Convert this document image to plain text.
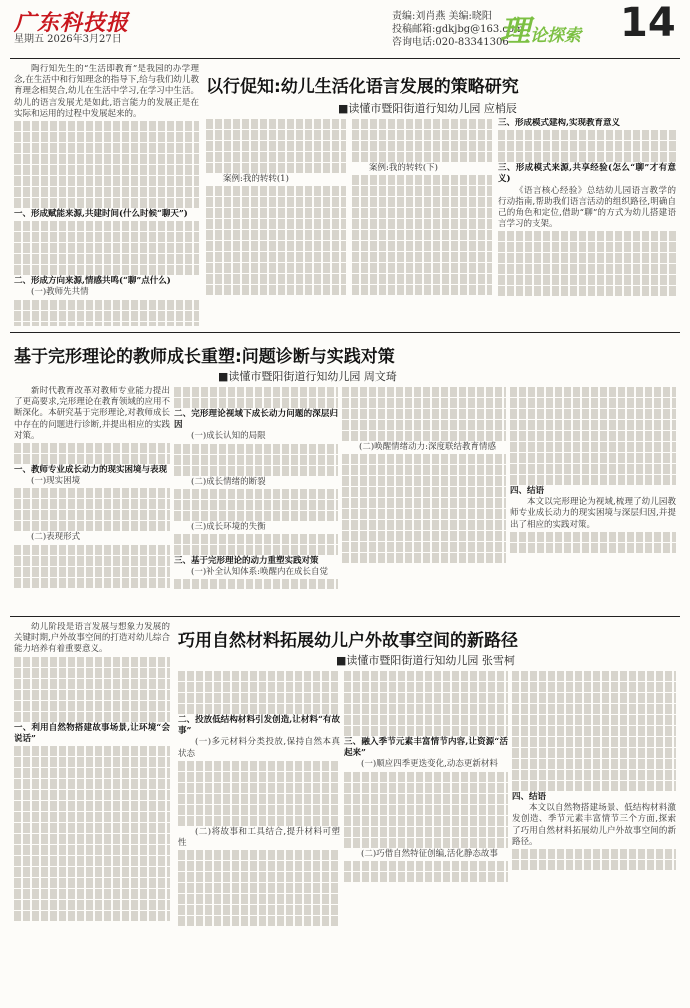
广东科技报
星期五 2026年3月27日
责编:刘肖燕 美编:晓阳
投稿邮箱:gdkjbg@163.com
咨询电话:020-83341306
理论探索 14

陶行知先生的“生活即教育”是我园的办学理念,在生活中和行知理念的指导下,给与我们幼儿教育理念相契合,幼儿在生活中学习,在学习中生活。幼儿的语言发展尤是如此,语言能力的发展正是在实际和运用的过程中发展起来的。

一、形成赋能来源,共建时间(什么时候“聊天”)

二、形成方向来源,情感共鸣(“聊”点什么)

(一)教师先共情

以行促知:幼儿生活化语言发展的策略研究
■读懂市暨阳街道行知幼儿园 应梢辰

案例:我的转转(1)

案例:我的转转(下)

三、形成模式建构,实现教育意义

三、形成模式来源,共享经验(怎么“聊”才有意义)

《语言核心经验》总结幼儿园语言教学的行动指南,帮助我们语言活动的组织路径,明确自己的角色和定位,借助“聊”的方式为幼儿搭建语言学习的支架。

基于完形理论的教师成长重塑:问题诊断与实践对策
■读懂市暨阳街道行知幼儿园 周文琦

新时代教育改革对教师专业能力提出了更高要求,完形理论在教育领域的应用不断深化。本研究基于完形理论,对教师成长中存在的问题进行诊断,并提出相应的实践对策。

一、教师专业成长动力的现实困境与表现

(一)现实困境

(二)表现形式

二、完形理论视域下成长动力问题的深层归因

(一)成长认知的局限

(二)成长情绪的断裂

(三)成长环境的失衡

三、基于完形理论的动力重塑实践对策

(一)补全认知体系:唤醒内在成长自觉

(二)唤醒情绪动力:深度联结教育情感

四、结语

本文以完形理论为视域,梳理了幼儿园教师专业成长动力的现实困境与深层归因,并提出了相应的实践对策。

幼儿阶段是语言发展与想象力发展的关键时期,户外故事空间的打造对幼儿综合能力培养有着重要意义。

一、利用自然物搭建故事场景,让环境“会说话”

巧用自然材料拓展幼儿户外故事空间的新路径
■读懂市暨阳街道行知幼儿园 张雪柯

二、投放低结构材料引发创造,让材料“有故事”

(一)多元材料分类投放,保持自然本真状态

(二)将故事和工具结合,提升材料可塑性

三、融入季节元素丰富情节内容,让资源“活起来”

(一)顺应四季更迭变化,动态更新材料

(二)巧借自然特征创编,活化静态故事

四、结语

本文以自然物搭建场景、低结构材料激发创造、季节元素丰富情节三个方面,探索了巧用自然材料拓展幼儿户外故事空间的新路径。
